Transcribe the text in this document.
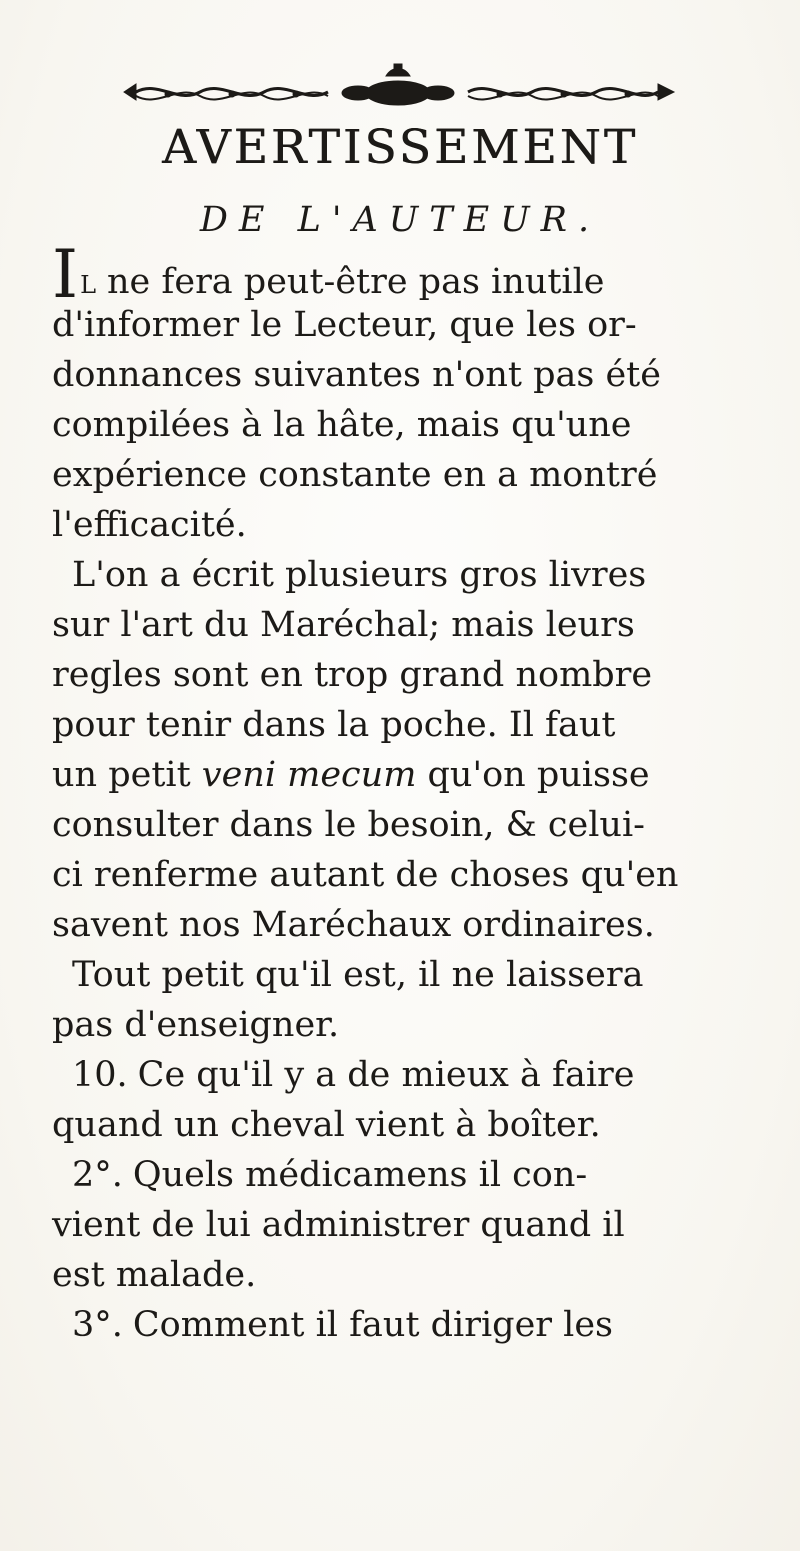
AVERTISSEMENT
DE L'AUTEUR.
IL ne fera peut-être pas inutile
d'informer le Lecteur, que les or-
donnances suivantes n'ont pas été
compilées à la hâte, mais qu'une
expérience constante en a montré
l'efficacité.
L'on a écrit plusieurs gros livres
sur l'art du Maréchal; mais leurs
regles sont en trop grand nombre
pour tenir dans la poche. Il faut
un petit veni mecum qu'on puisse
consulter dans le besoin, & celui-
ci renferme autant de choses qu'en
savent nos Maréchaux ordinaires.
Tout petit qu'il est, il ne laissera
pas d'enseigner.
10. Ce qu'il y a de mieux à faire
quand un cheval vient à boîter.
2°. Quels médicamens il con-
vient de lui administrer quand il
est malade.
3°. Comment il faut diriger les
